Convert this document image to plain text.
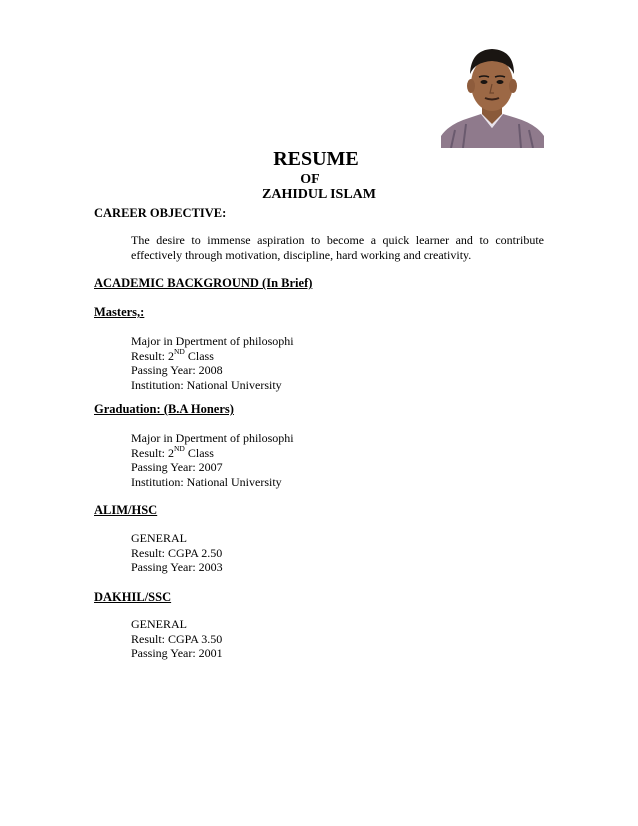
RESUME
OF
ZAHIDUL ISLAM
CAREER OBJECTIVE:
The desire to immense aspiration to become a quick learner and to contribute effectively through motivation, discipline, hard working and creativity.
ACADEMIC BACKGROUND (In Brief)
Masters,:
Major in Dpertment of philosophi
Result: 2ND Class
Passing Year: 2008
Institution: National University
Graduation: (B.A Honers)
Major in Dpertment of philosophi
Result: 2ND Class
Passing Year: 2007
Institution: National University
ALIM/HSC
GENERAL
Result: CGPA 2.50
Passing Year: 2003
DAKHIL/SSC
GENERAL
Result: CGPA 3.50
Passing Year: 2001
